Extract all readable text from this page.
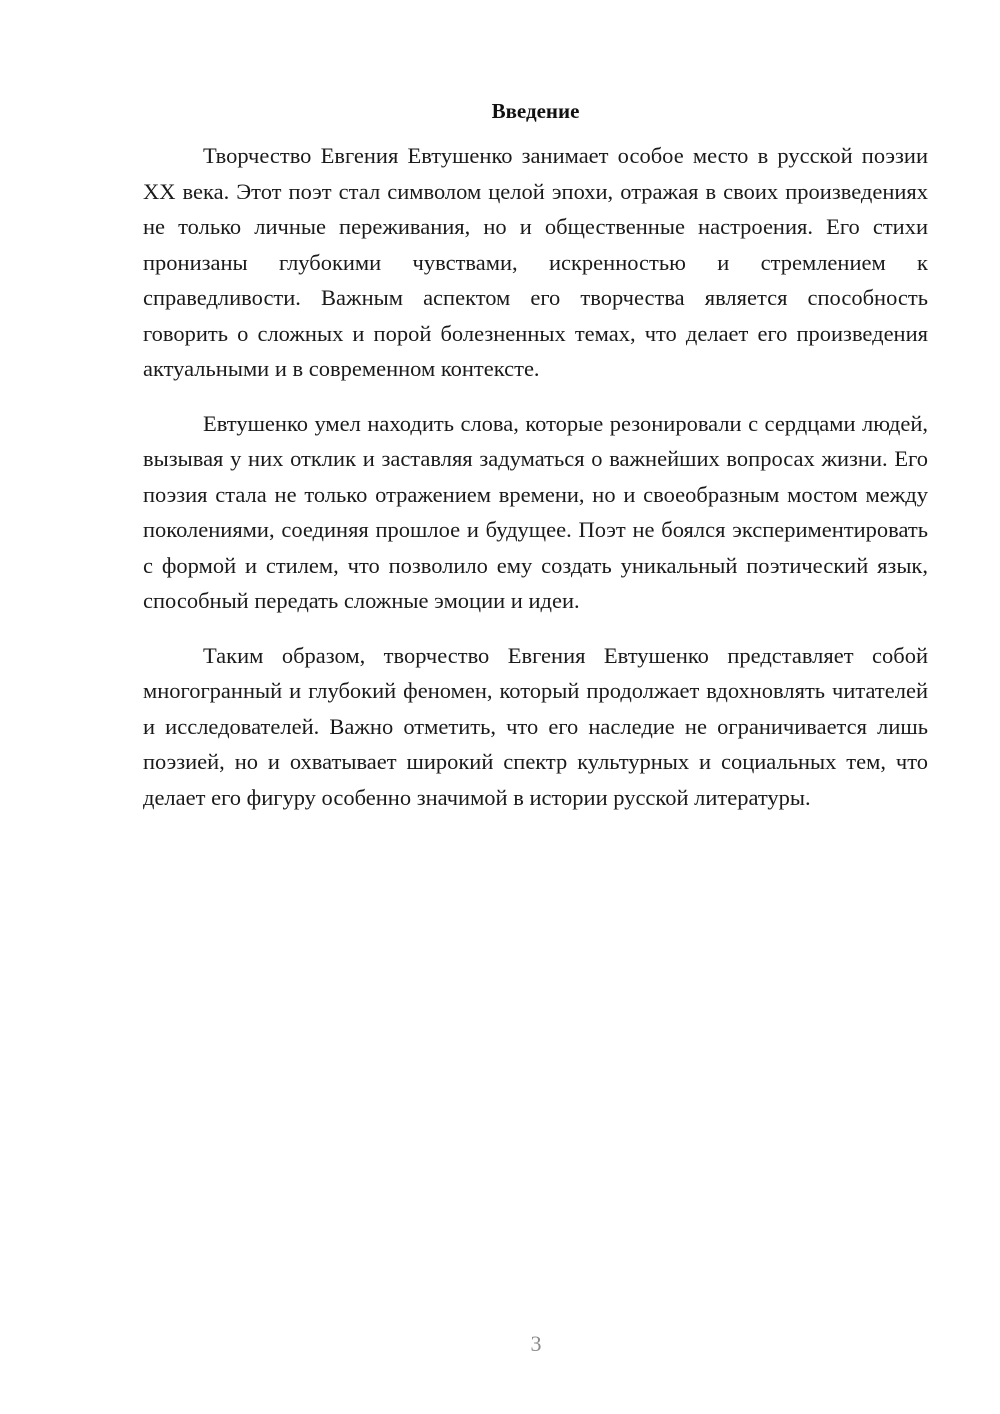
Введение

Творчество Евгения Евтушенко занимает особое место в русской поэзии XX века. Этот поэт стал символом целой эпохи, отражая в своих произведениях не только личные переживания, но и общественные настроения. Его стихи пронизаны глубокими чувствами, искренностью и стремлением к справедливости. Важным аспектом его творчества является способность говорить о сложных и порой болезненных темах, что делает его произведения актуальными и в современном контексте.

Евтушенко умел находить слова, которые резонировали с сердцами людей, вызывая у них отклик и заставляя задуматься о важнейших вопросах жизни. Его поэзия стала не только отражением времени, но и своеобразным мостом между поколениями, соединяя прошлое и будущее. Поэт не боялся экспериментировать с формой и стилем, что позволило ему создать уникальный поэтический язык, способный передать сложные эмоции и идеи.

Таким образом, творчество Евгения Евтушенко представляет собой многогранный и глубокий феномен, который продолжает вдохновлять читателей и исследователей. Важно отметить, что его наследие не ограничивается лишь поэзией, но и охватывает широкий спектр культурных и социальных тем, что делает его фигуру особенно значимой в истории русской литературы.

3
